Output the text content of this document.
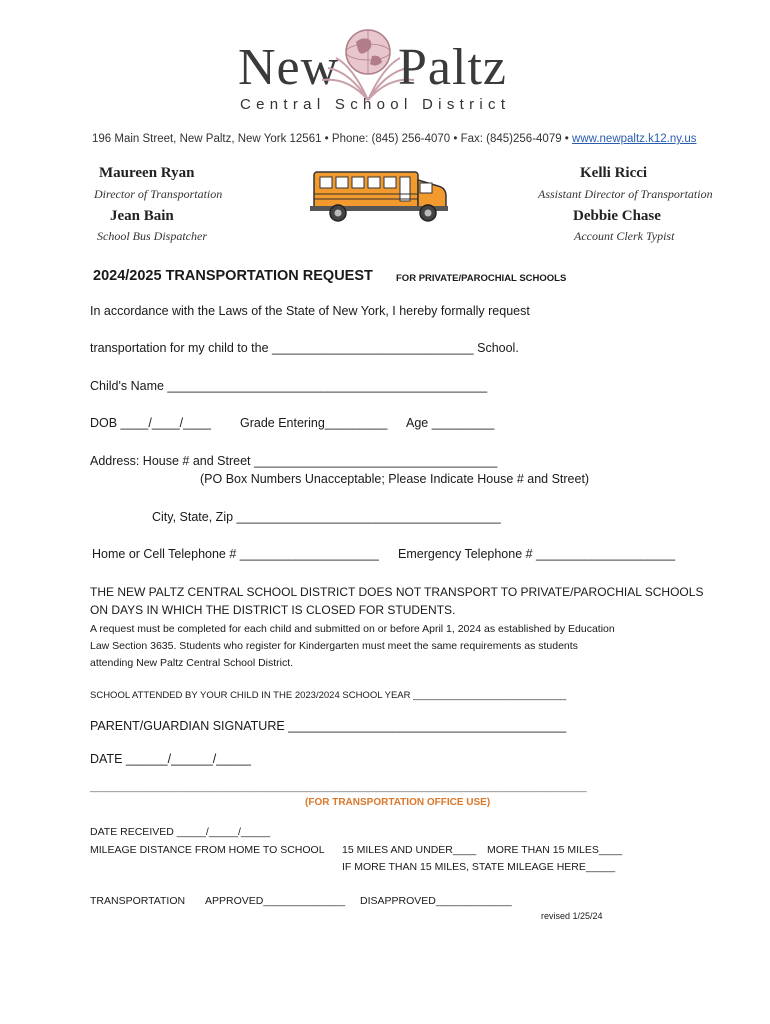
New Paltz
Central School District
196 Main Street, New Paltz, New York 12561 • Phone: (845) 256-4070 • Fax: (845)256-4079 • www.newpaltz.k12.ny.us
Maureen Ryan
Director of Transportation
Jean Bain
School Bus Dispatcher
Kelli Ricci
Assistant Director of Transportation
Debbie Chase
Account Clerk Typist
2024/2025 TRANSPORTATION REQUEST FOR PRIVATE/PAROCHIAL SCHOOLS
In accordance with the Laws of the State of New York, I hereby formally request
transportation for my child to the _____________________________ School.
Child's Name ______________________________________________
DOB ____/____/____ Grade Entering_________ Age _________
Address: House # and Street ___________________________________
(PO Box Numbers Unacceptable; Please Indicate House # and Street)
City, State, Zip ______________________________________
Home or Cell Telephone # ____________________ Emergency Telephone # ____________________
THE NEW PALTZ CENTRAL SCHOOL DISTRICT DOES NOT TRANSPORT TO PRIVATE/PAROCHIAL SCHOOLS
ON DAYS IN WHICH THE DISTRICT IS CLOSED FOR STUDENTS.
A request must be completed for each child and submitted on or before April 1, 2024 as established by Education
Law Section 3635. Students who register for Kindergarten must meet the same requirements as students
attending New Paltz Central School District.
SCHOOL ATTENDED BY YOUR CHILD IN THE 2023/2024 SCHOOL YEAR _____________________________
PARENT/GUARDIAN SIGNATURE ________________________________________
DATE ______/______/_____
______________________________________________________________________________________________
(FOR TRANSPORTATION OFFICE USE)
DATE RECEIVED _____/_____/_____
MILEAGE DISTANCE FROM HOME TO SCHOOL 15 MILES AND UNDER____ MORE THAN 15 MILES____
IF MORE THAN 15 MILES, STATE MILEAGE HERE_____
TRANSPORTATION APPROVED______________ DISAPPROVED_____________
revised 1/25/24
